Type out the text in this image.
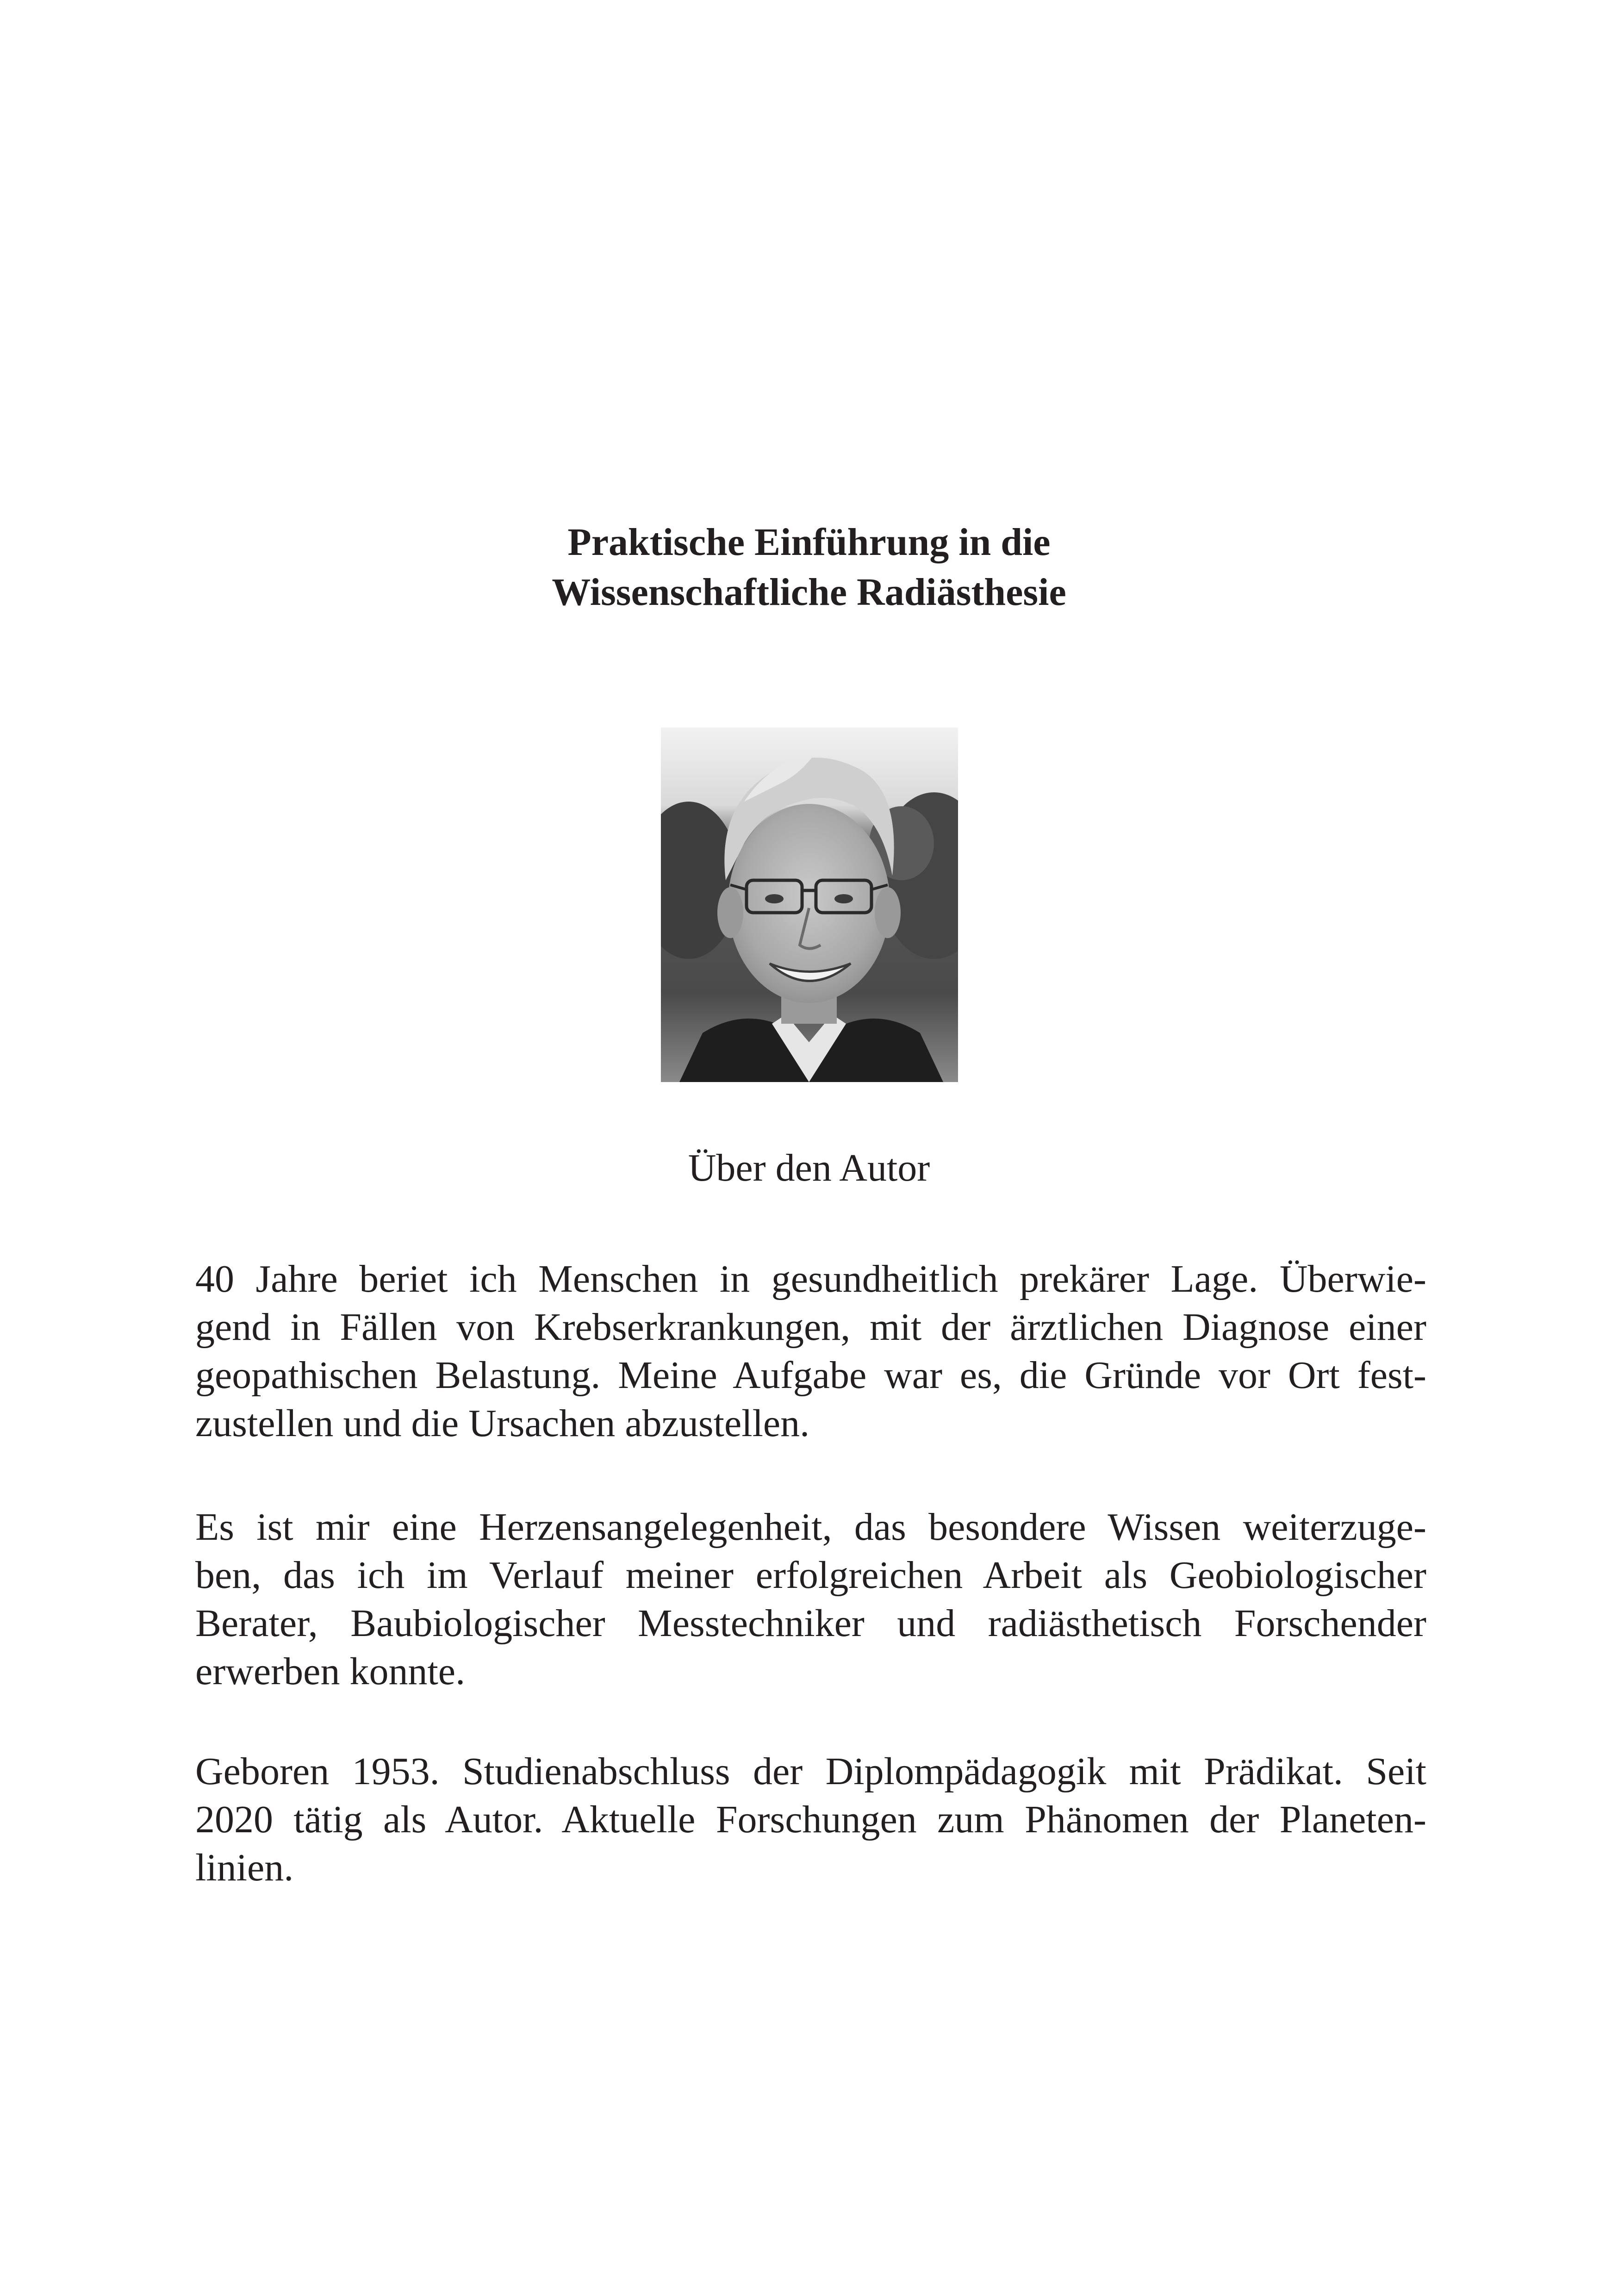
Praktische Einführung in die
Wissenschaftliche Radiästhesie
Über den Autor
40 Jahre beriet ich Menschen in gesundheitlich prekärer Lage. Überwie-
gend in Fällen von Krebserkrankungen, mit der ärztlichen Diagnose einer
geopathischen Belastung. Meine Aufgabe war es, die Gründe vor Ort fest-
zustellen und die Ursachen abzustellen.
Es ist mir eine Herzensangelegenheit, das besondere Wissen weiterzuge-
ben, das ich im Verlauf meiner erfolgreichen Arbeit als Geobiologischer
Berater, Baubiologischer Messtechniker und radiästhetisch Forschender
erwerben konnte.
Geboren 1953. Studienabschluss der Diplompädagogik mit Prädikat. Seit
2020 tätig als Autor. Aktuelle Forschungen zum Phänomen der Planeten-
linien.
